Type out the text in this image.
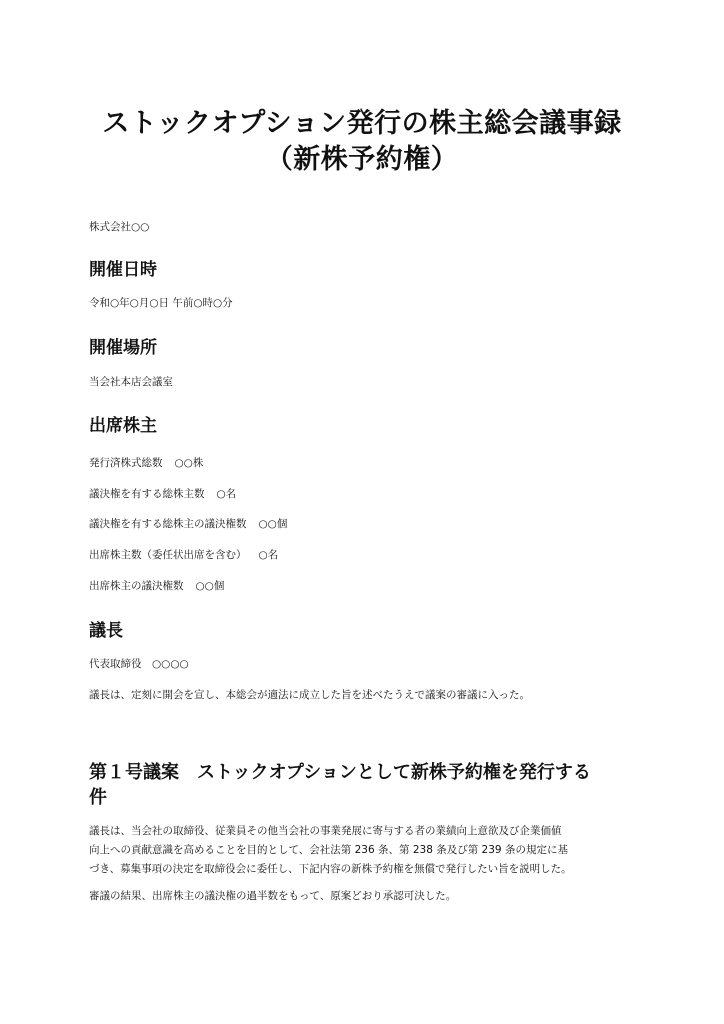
ストックオプション発行の株主総会議事録
（新株予約権）

株式会社○○

開催日時

令和○年○月○日 午前○時○分

開催場所

当会社本店会議室

出席株主

発行済株式総数 ○○株

議決権を有する総株主数 ○名

議決権を有する総株主の議決権数 ○○個

出席株主数（委任状出席を含む） ○名

出席株主の議決権数 ○○個

議長

代表取締役　○○○○

議長は、定刻に開会を宣し、本総会が適法に成立した旨を述べたうえで議案の審議に入った。

第１号議案　ストックオプションとして新株予約権を発行する
件

議長は、当会社の取締役、従業員その他当会社の事業発展に寄与する者の業績向上意欲及び企業価値
向上への貢献意識を高めることを目的として、会社法第 236 条、第 238 条及び第 239 条の規定に基
づき、募集事項の決定を取締役会に委任し、下記内容の新株予約権を無償で発行したい旨を説明した。

審議の結果、出席株主の議決権の過半数をもって、原案どおり承認可決した。
